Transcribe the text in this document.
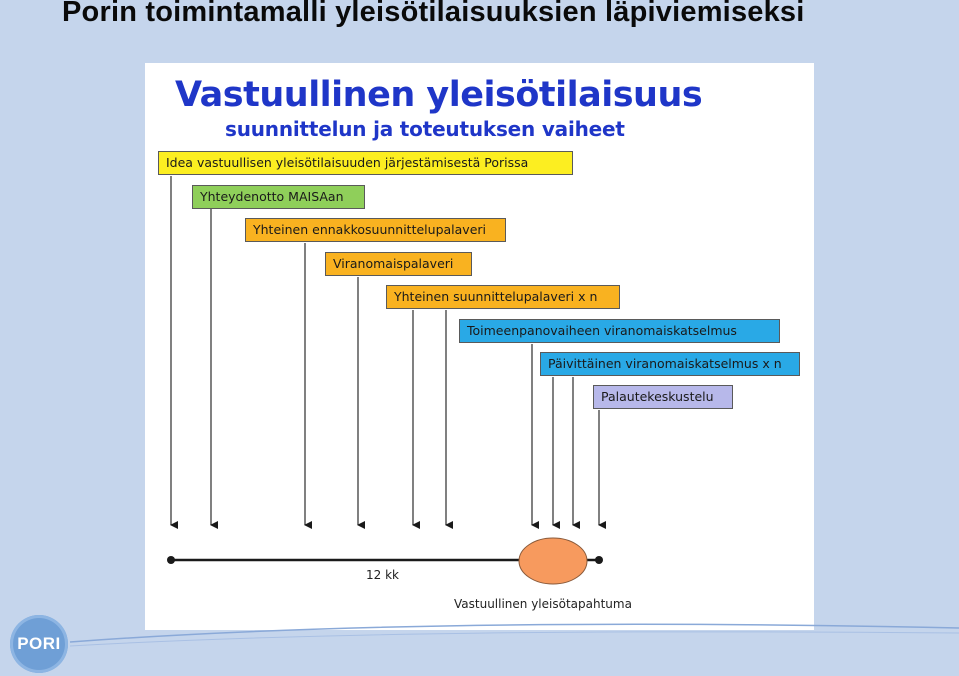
Porin toimintamalli yleisötilaisuuksien läpiviemiseksi
Vastuullinen yleisötilaisuus
suunnittelun ja toteutuksen vaiheet
Idea vastuullisen yleisötilaisuuden järjestämisestä Porissa
Yhteydenotto MAISAan
Yhteinen ennakkosuunnittelupalaveri
Viranomaispalaveri
Yhteinen suunnittelupalaveri x n
Toimeenpanovaiheen viranomaiskatselmus
Päivittäinen viranomaiskatselmus x n
Palautekeskustelu
12 kk
Vastuullinen yleisötapahtuma
PORI
